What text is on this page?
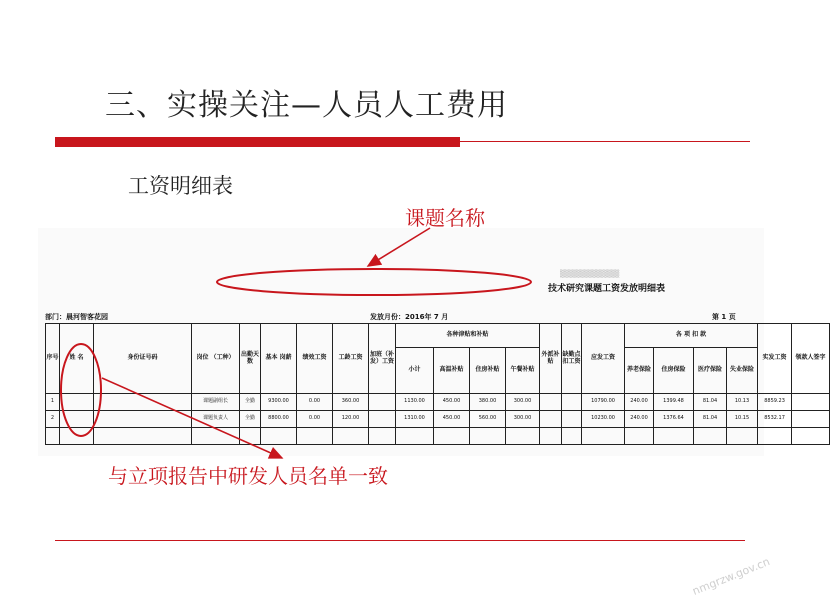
三、实操关注—人员人工费用
工资明细表
▒▒▒▒▒▒▒▒▒▒▒
技术研究课题工资发放明细表
部门：晨河智客花园	发放月份：2016年 7 月	第 1 页
序号	姓 名	身份证号码	岗位 （工种）	出勤天数	基本 岗薪	绩效工资	工龄工资	加班（补发）工资	各种津贴和补贴				外派补贴	缺勤点扣工资	应发工资	各 项 扣 款				实发工资	领款人签字
									小计	高温补贴	住房补贴	午餐补贴				养老保险	住房保险	医疗保险	失业保险		
1			课题副组长	全勤	9300.00	0.00	360.00		1130.00	450.00	380.00	300.00			10790.00	240.00	1399.48	81.04	10.13	8859.23	
2			课题负责人	全勤	8800.00	0.00	120.00		1310.00	450.00	560.00	300.00			10230.00	240.00	1376.64	81.04	10.15	8532.17	

课题名称
与立项报告中研发人员名单一致
nmgrzw.gov.cn
